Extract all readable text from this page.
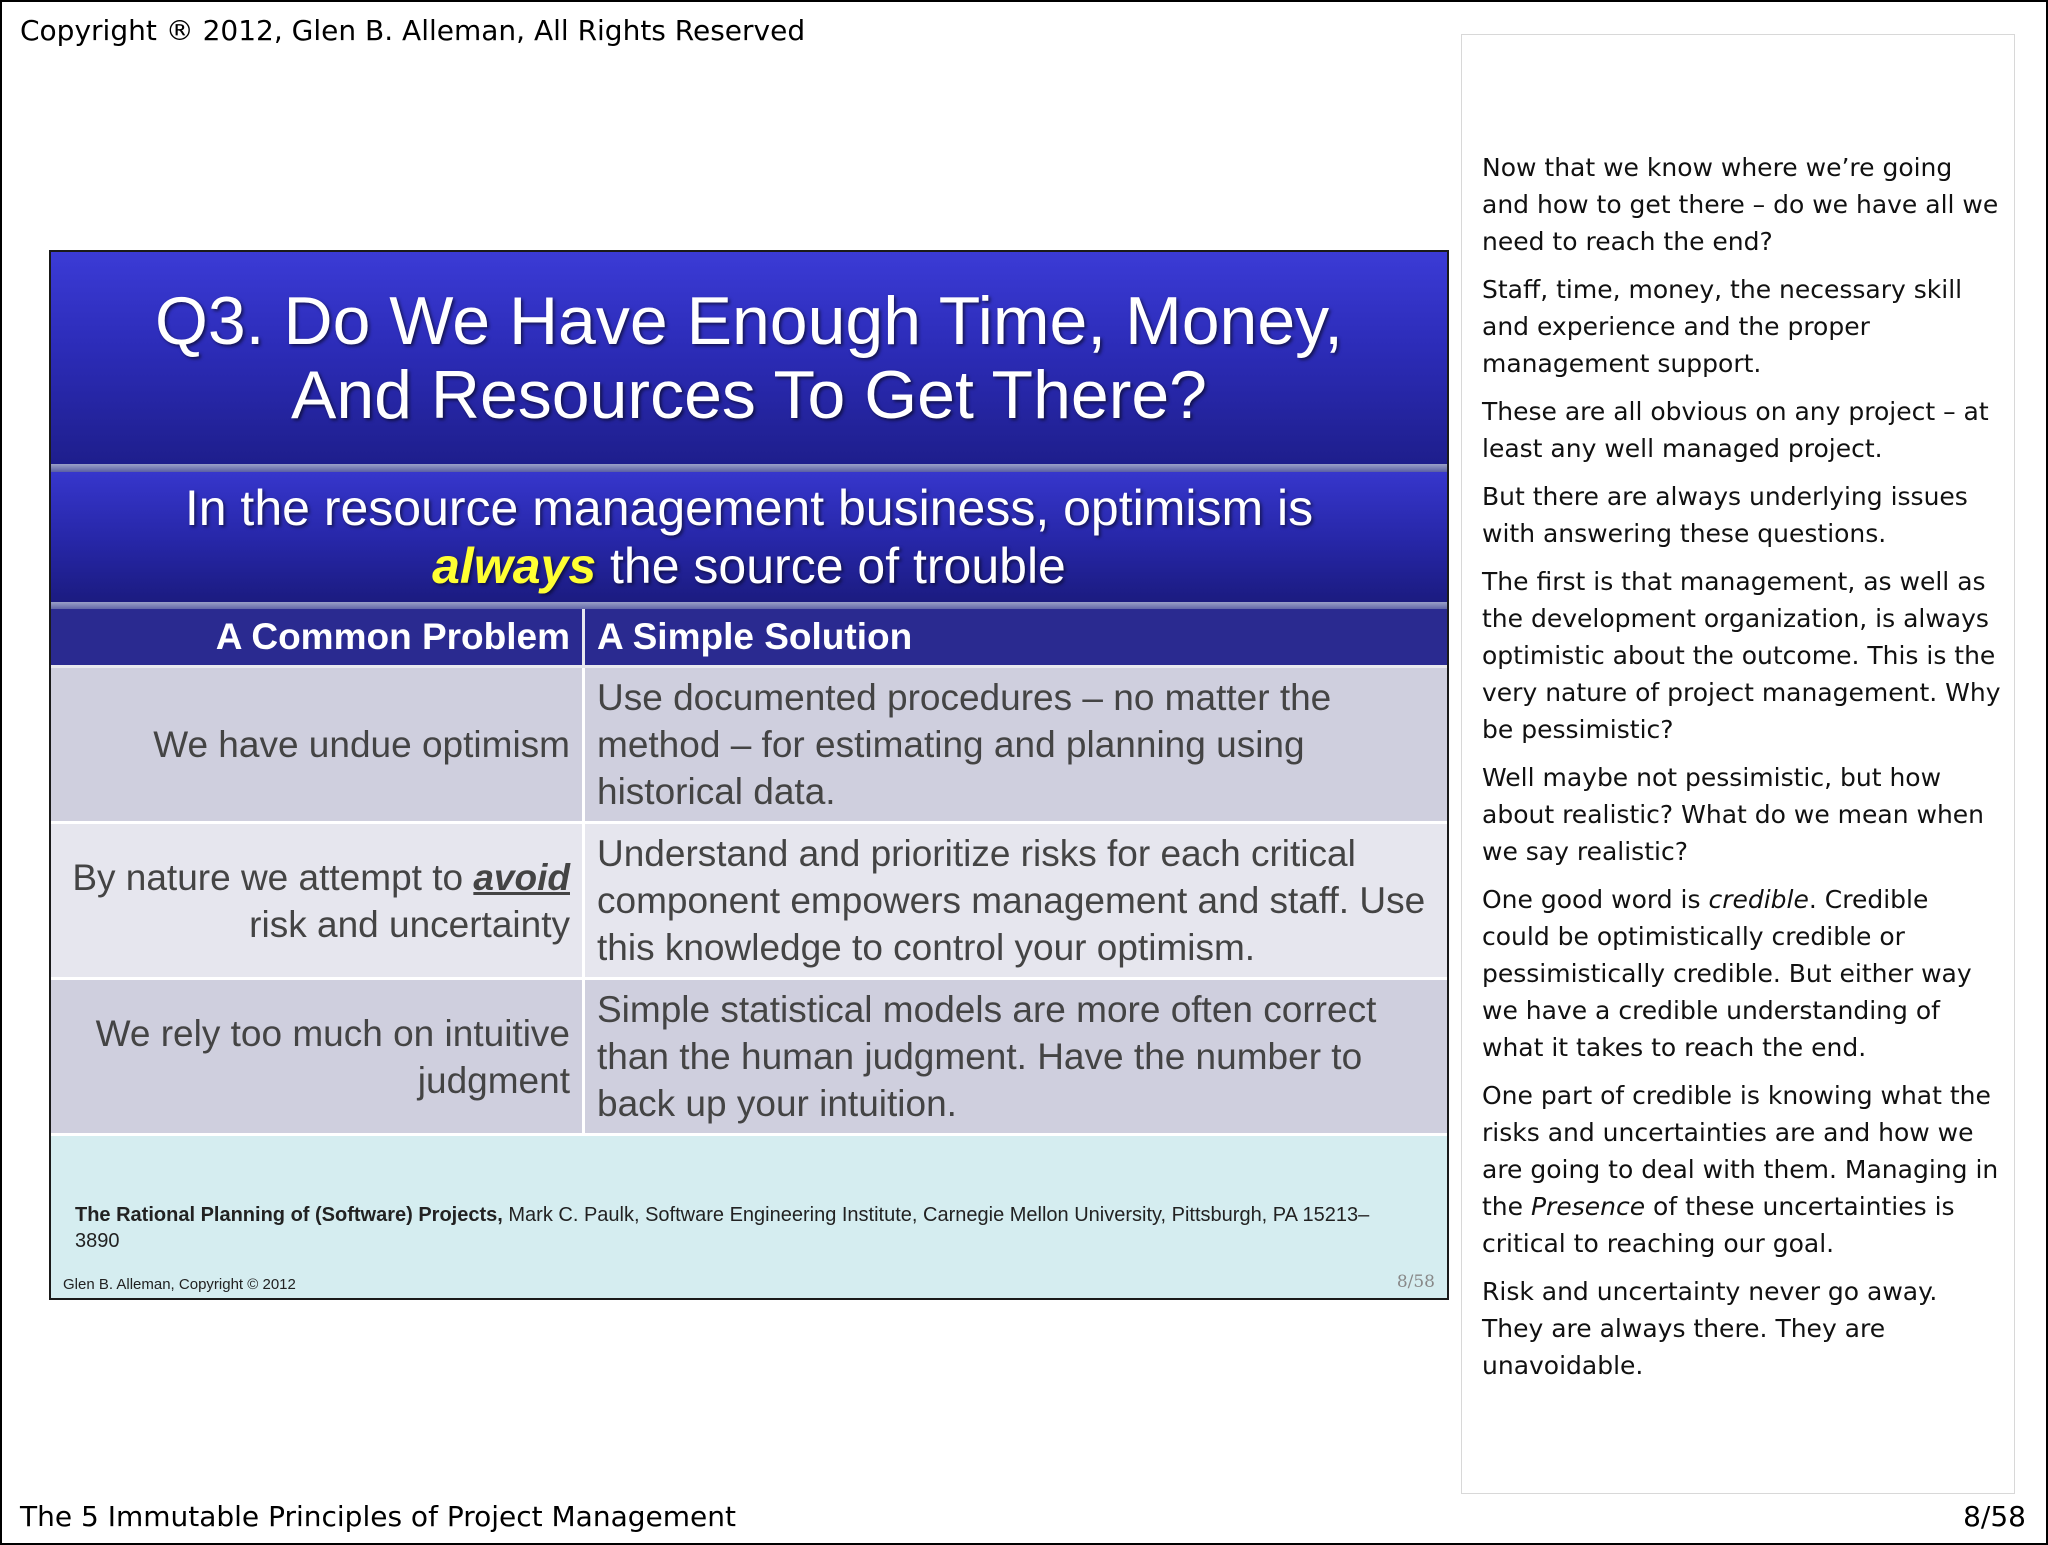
Copyright ® 2012, Glen B. Alleman, All Rights Reserved
Q3. Do We Have Enough Time, Money, And Resources To Get There?
In the resource management business, optimism is always the source of trouble
A Common Problem	A Simple Solution
We have undue optimism	Use documented procedures – no matter the method – for estimating and planning using historical data.
By nature we attempt to avoid risk and uncertainty	Understand and prioritize risks for each critical component empowers management and staff. Use this knowledge to control your optimism.
We rely too much on intuitive judgment	Simple statistical models are more often correct than the human judgment. Have the number to back up your intuition.
The Rational Planning of (Software) Projects, Mark C. Paulk, Software Engineering Institute, Carnegie Mellon University, Pittsburgh, PA 15213–3890
Glen B. Alleman, Copyright © 2012	8/58

Now that we know where we’re going and how to get there – do we have all we need to reach the end?

Staff, time, money, the necessary skill and experience and the proper management support.

These are all obvious on any project – at least any well managed project.

But there are always underlying issues with answering these questions.

The first is that management, as well as the development organization, is always optimistic about the outcome. This is the very nature of project management. Why be pessimistic?

Well maybe not pessimistic, but how about realistic? What do we mean when we say realistic?

One good word is credible. Credible could be optimistically credible or pessimistically credible. But either way we have a credible understanding of what it takes to reach the end.

One part of credible is knowing what the risks and uncertainties are and how we are going to deal with them. Managing in the Presence of these uncertainties is critical to reaching our goal.

Risk and uncertainty never go away. They are always there. They are unavoidable.

The 5 Immutable Principles of Project Management	8/58
